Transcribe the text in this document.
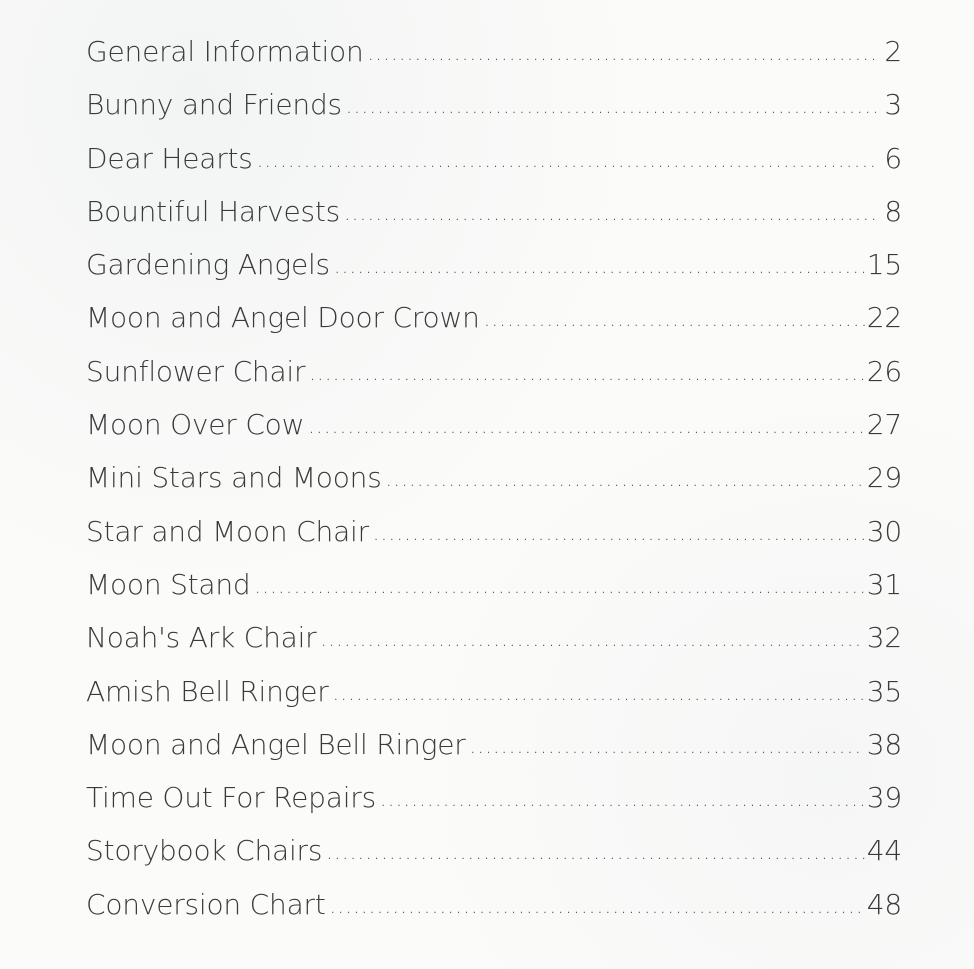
General Information .....	2
Bunny and Friends .....	3
Dear Hearts .....	6
Bountiful Harvests .....	8
Gardening Angels .....	15
Moon and Angel Door Crown .....	22
Sunflower Chair .....	26
Moon Over Cow .....	27
Mini Stars and Moons .....	29
Star and Moon Chair .....	30
Moon Stand .....	31
Noah's Ark Chair .....	32
Amish Bell Ringer .....	35
Moon and Angel Bell Ringer .....	38
Time Out For Repairs .....	39
Storybook Chairs .....	44
Conversion Chart .....	48
